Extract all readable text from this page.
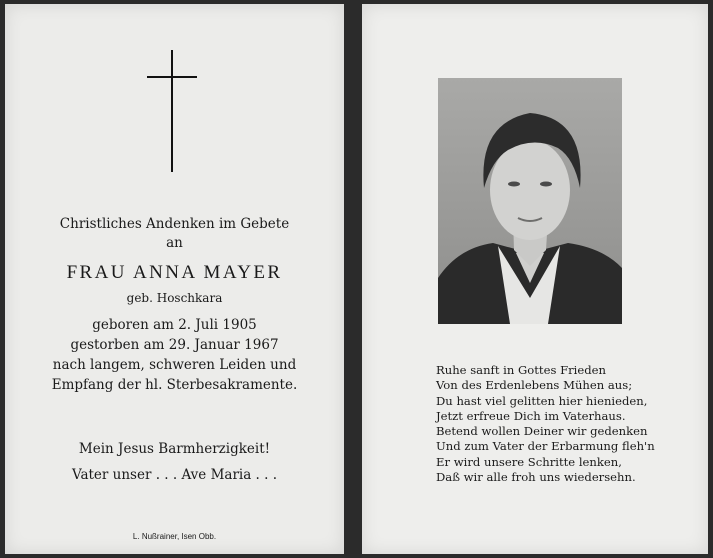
Christliches Andenken im Gebete
an
FRAU ANNA MAYER
geb. Hoschkara
geboren am 2. Juli 1905
gestorben am 29. Januar 1967
nach langem, schweren Leiden und
Empfang der hl. Sterbesakramente.
Mein Jesus Barmherzigkeit!
Vater unser . . . Ave Maria . . .
L. Nußrainer, Isen Obb.
Ruhe sanft in Gottes Frieden
Von des Erdenlebens Mühen aus;
Du hast viel gelitten hier hienieden,
Jetzt erfreue Dich im Vaterhaus.
Betend wollen Deiner wir gedenken
Und zum Vater der Erbarmung fleh'n
Er wird unsere Schritte lenken,
Daß wir alle froh uns wiedersehn.
